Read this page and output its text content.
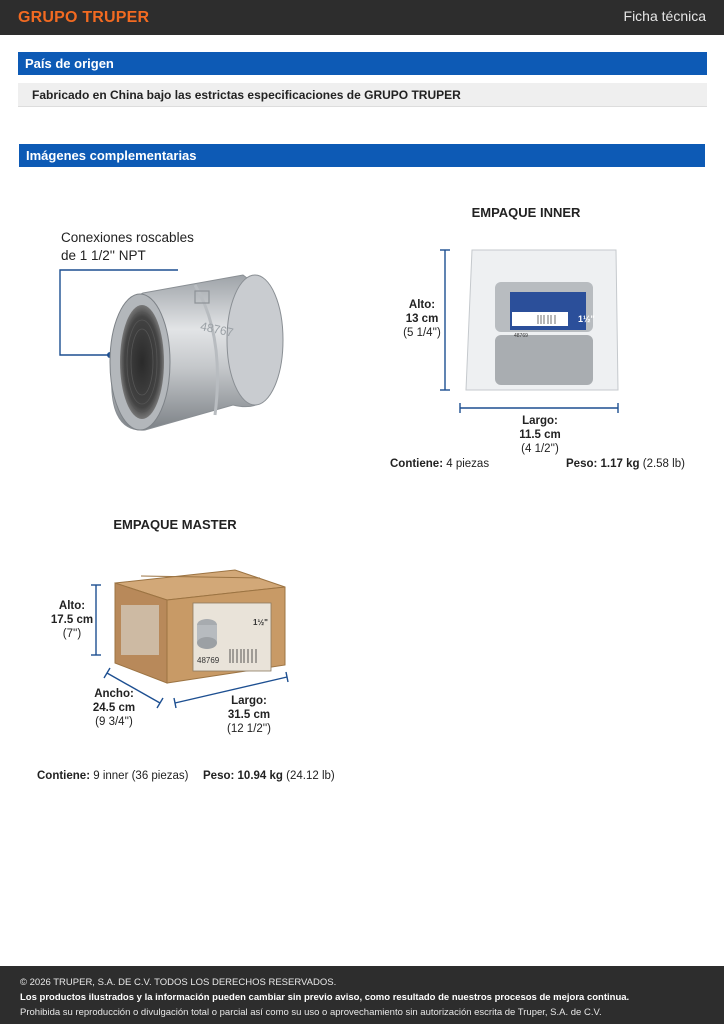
GRUPO TRUPER	Ficha técnica
País de origen
Fabricado en China bajo las estrictas especificaciones de GRUPO TRUPER
Imágenes complementarias
Conexiones roscables
de 1 1/2'' NPT
48767
EMPAQUE INNER
1½"
48769
Alto:
13 cm
(5 1/4'')
Largo:
11.5 cm
(4 1/2'')
Contiene: 4 piezas	Peso: 1.17 kg (2.58 lb)
EMPAQUE MASTER
48769
1½"
Alto:
17.5 cm
(7'')
Ancho:
24.5 cm
(9 3/4'')
Largo:
31.5 cm
(12 1/2'')
Contiene: 9 inner (36 piezas) Peso: 10.94 kg (24.12 lb)
© 2026 TRUPER, S.A. DE C.V. TODOS LOS DERECHOS RESERVADOS.
Los productos ilustrados y la información pueden cambiar sin previo aviso, como resultado de nuestros procesos de mejora continua.
Prohibida su reproducción o divulgación total o parcial así como su uso o aprovechamiento sin autorización escrita de Truper, S.A. de C.V.
